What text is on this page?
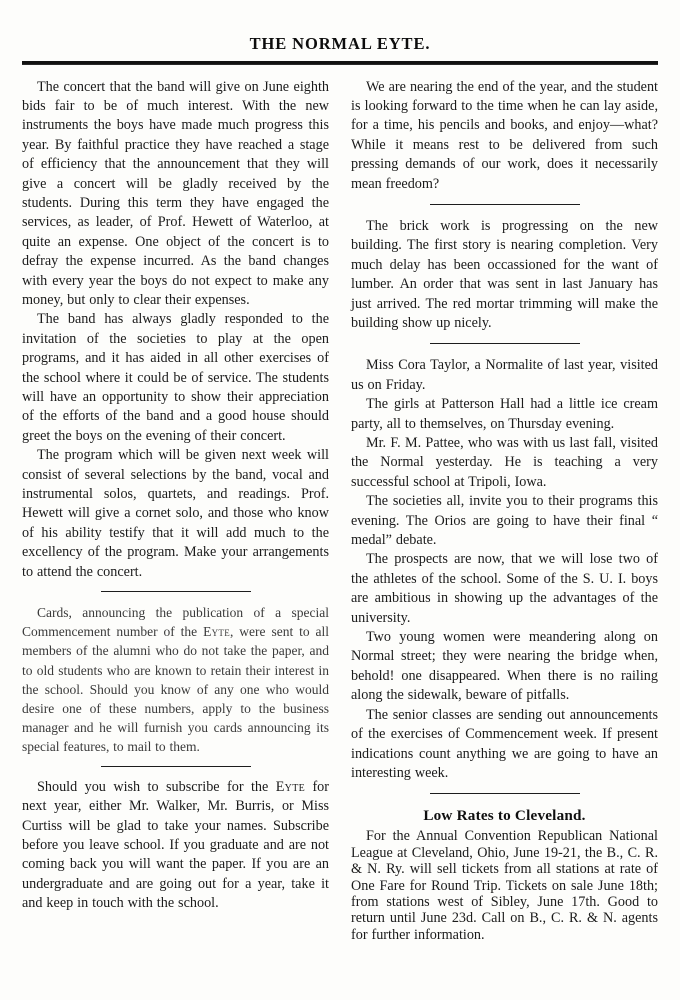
THE NORMAL EYTE.

The concert that the band will give on June eighth bids fair to be of much interest. With the new instruments the boys have made much progress this year. By faithful practice they have reached a stage of efficiency that the announcement that they will give a concert will be gladly received by the students. During this term they have engaged the services, as leader, of Prof. Hewett of Waterloo, at quite an expense. One object of the concert is to defray the expense incurred. As the band changes with every year the boys do not expect to make any money, but only to clear their expenses.

The band has always gladly responded to the invitation of the societies to play at the open programs, and it has aided in all other exercises of the school where it could be of service. The students will have an opportunity to show their appreciation of the efforts of the band and a good house should greet the boys on the evening of their concert.

The program which will be given next week will consist of several selections by the band, vocal and instrumental solos, quartets, and readings. Prof. Hewett will give a cornet solo, and those who know of his ability testify that it will add much to the excellency of the program. Make your arrangements to attend the concert.

Cards, announcing the publication of a special Commencement number of the Eyte, were sent to all members of the alumni who do not take the paper, and to old students who are known to retain their interest in the school. Should you know of any one who would desire one of these numbers, apply to the business manager and he will furnish you cards announcing its special features, to mail to them.

Should you wish to subscribe for the Eyte for next year, either Mr. Walker, Mr. Burris, or Miss Curtiss will be glad to take your names. Subscribe before you leave school. If you graduate and are not coming back you will want the paper. If you are an undergraduate and are going out for a year, take it and keep in touch with the school.

We are nearing the end of the year, and the student is looking forward to the time when he can lay aside, for a time, his pencils and books, and enjoy—what? While it means rest to be delivered from such pressing demands of our work, does it necessarily mean freedom?

The brick work is progressing on the new building. The first story is nearing completion. Very much delay has been occassioned for the want of lumber. An order that was sent in last January has just arrived. The red mortar trimming will make the building show up nicely.

Miss Cora Taylor, a Normalite of last year, visited us on Friday.

The girls at Patterson Hall had a little ice cream party, all to themselves, on Thursday evening.

Mr. F. M. Pattee, who was with us last fall, visited the Normal yesterday. He is teaching a very successful school at Tripoli, Iowa.

The societies all, invite you to their programs this evening. The Orios are going to have their final “ medal” debate.

The prospects are now, that we will lose two of the athletes of the school. Some of the S. U. I. boys are ambitious in showing up the advantages of the university.

Two young women were meandering along on Normal street; they were nearing the bridge when, behold! one disappeared. When there is no railing along the sidewalk, beware of pitfalls.

The senior classes are sending out announcements of the exercises of Commencement week. If present indications count anything we are going to have an interesting week.

Low Rates to Cleveland.

For the Annual Convention Republican National League at Cleveland, Ohio, June 19-21, the B., C. R. & N. Ry. will sell tickets from all stations at rate of One Fare for Round Trip. Tickets on sale June 18th; from stations west of Sibley, June 17th. Good to return until June 23d. Call on B., C. R. & N. agents for further information.
